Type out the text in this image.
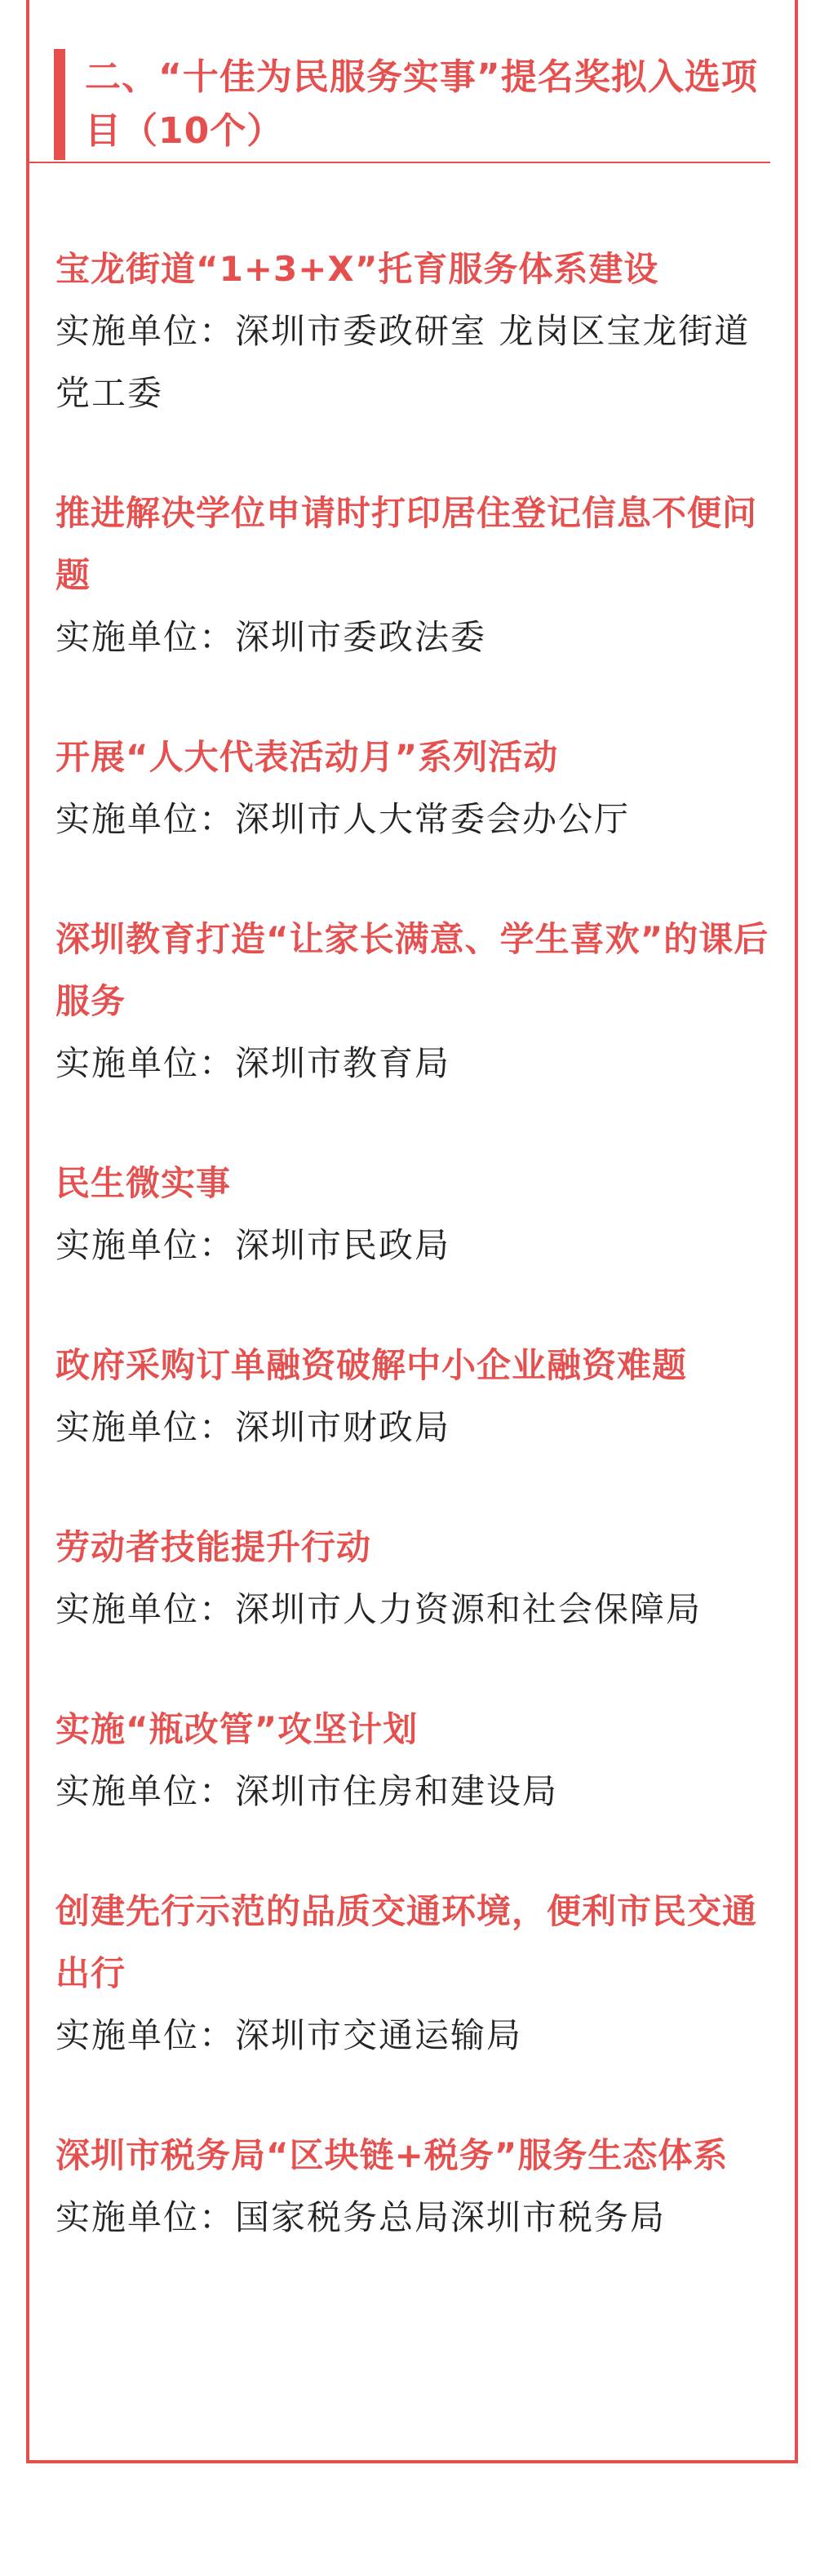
二、“十佳为民服务实事”提名奖拟入选项目（10个）

宝龙街道“1+3+X”托育服务体系建设

实施单位：深圳市委政研室 龙岗区宝龙街道党工委

推进解决学位申请时打印居住登记信息不便问题

实施单位：深圳市委政法委

开展“人大代表活动月”系列活动

实施单位：深圳市人大常委会办公厅

深圳教育打造“让家长满意、学生喜欢”的课后服务

实施单位：深圳市教育局

民生微实事

实施单位：深圳市民政局

政府采购订单融资破解中小企业融资难题

实施单位：深圳市财政局

劳动者技能提升行动

实施单位：深圳市人力资源和社会保障局

实施“瓶改管”攻坚计划

实施单位：深圳市住房和建设局

创建先行示范的品质交通环境，便利市民交通出行

实施单位：深圳市交通运输局

深圳市税务局“区块链+税务”服务生态体系

实施单位：国家税务总局深圳市税务局
